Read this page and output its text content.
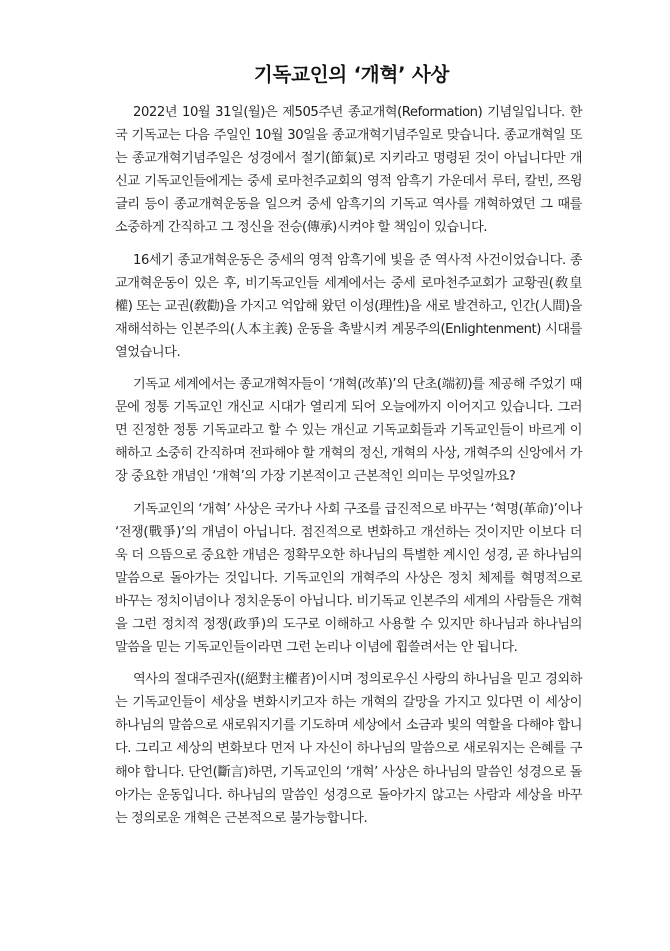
기독교인의 ‘개혁’ 사상

2022년 10월 31일(월)은 제505주년 종교개혁(Reformation) 기념일입니다. 한국 기독교는 다음 주일인 10월 30일을 종교개혁기념주일로 맞습니다. 종교개혁일 또는 종교개혁기념주일은 성경에서 절기(節氣)로 지키라고 명령된 것이 아닙니다만 개신교 기독교인들에게는 중세 로마천주교회의 영적 암흑기 가운데서 루터, 칼빈, 쯔윙글리 등이 종교개혁운동을 일으켜 중세 암흑기의 기독교 역사를 개혁하였던 그 때를 소중하게 간직하고 그 정신을 전승(傳承)시켜야 할 책임이 있습니다.

16세기 종교개혁운동은 중세의 영적 암흑기에 빛을 준 역사적 사건이었습니다. 종교개혁운동이 있은 후, 비기독교인들 세계에서는 중세 로마천주교회가 교황권(敎皇權) 또는 교권(敎勸)을 가지고 억압해 왔던 이성(理性)을 새로 발견하고, 인간(人間)을 재해석하는 인본주의(人本主義) 운동을 촉발시켜 계몽주의(Enlightenment) 시대를 열었습니다.

기독교 세계에서는 종교개혁자들이 ‘개혁(改革)’의 단초(端初)를 제공해 주었기 때문에 정통 기독교인 개신교 시대가 열리게 되어 오늘에까지 이어지고 있습니다. 그러면 진정한 정통 기독교라고 할 수 있는 개신교 기독교회들과 기독교인들이 바르게 이해하고 소중히 간직하며 전파해야 할 개혁의 정신, 개혁의 사상, 개혁주의 신앙에서 가장 중요한 개념인 ‘개혁’의 가장 기본적이고 근본적인 의미는 무엇일까요?

기독교인의 ‘개혁’ 사상은 국가나 사회 구조를 급진적으로 바꾸는 ‘혁명(革命)’이나 ‘전쟁(戰爭)’의 개념이 아닙니다. 점진적으로 변화하고 개선하는 것이지만 이보다 더욱 더 으뜸으로 중요한 개념은 정확무오한 하나님의 특별한 계시인 성경, 곧 하나님의 말씀으로 돌아가는 것입니다. 기독교인의 개혁주의 사상은 정치 체제를 혁명적으로 바꾸는 정치이념이나 정치운동이 아닙니다. 비기독교 인본주의 세계의 사람들은 개혁을 그런 정치적 정쟁(政爭)의 도구로 이해하고 사용할 수 있지만 하나님과 하나님의 말씀을 믿는 기독교인들이라면 그런 논리나 이념에 휩쓸려서는 안 됩니다.

역사의 절대주권자((絕對主權者)이시며 정의로우신 사랑의 하나님을 믿고 경외하는 기독교인들이 세상을 변화시키고자 하는 개혁의 갈망을 가지고 있다면 이 세상이 하나님의 말씀으로 새로워지기를 기도하며 세상에서 소금과 빛의 역할을 다해야 합니다. 그리고 세상의 변화보다 먼저 나 자신이 하나님의 말씀으로 새로워지는 은혜를 구해야 합니다. 단언(斷言)하면, 기독교인의 ‘개혁’ 사상은 하나님의 말씀인 성경으로 돌아가는 운동입니다. 하나님의 말씀인 성경으로 돌아가지 않고는 사람과 세상을 바꾸는 정의로운 개혁은 근본적으로 불가능합니다.
